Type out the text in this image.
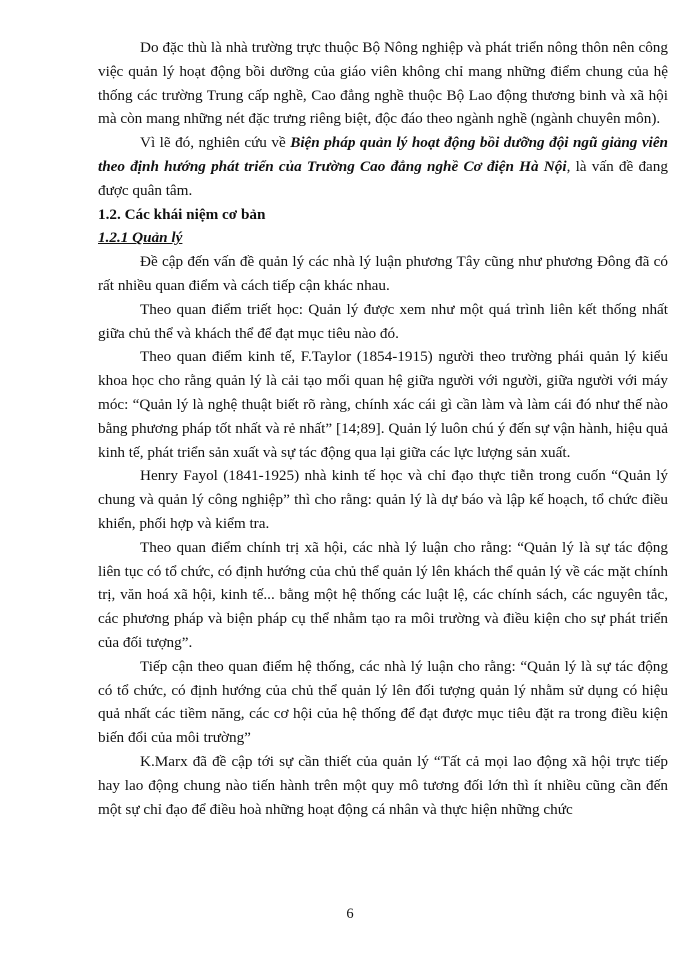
Do đặc thù là nhà trường trực thuộc Bộ Nông nghiệp và phát triển nông thôn nên công việc quản lý hoạt động bồi dưỡng của giáo viên không chỉ mang những điểm chung của hệ thống các trường Trung cấp nghề, Cao đẳng nghề thuộc Bộ Lao động thương binh và xã hội mà còn mang những nét đặc trưng riêng biệt, độc đáo theo ngành nghề (ngành chuyên môn).

Vì lẽ đó, nghiên cứu về Biện pháp quản lý hoạt động bồi dưỡng đội ngũ giảng viên theo định hướng phát triển của Trường Cao đẳng nghề Cơ điện Hà Nội, là vấn đề đang được quân tâm.

1.2. Các khái niệm cơ bản

1.2.1 Quản lý

Đề cập đến vấn đề quản lý các nhà lý luận phương Tây cũng như phương Đông đã có rất nhiều quan điểm và cách tiếp cận khác nhau.

Theo quan điểm triết học: Quản lý được xem như một quá trình liên kết thống nhất giữa chủ thể và khách thể để đạt mục tiêu nào đó.

Theo quan điểm kinh tế, F.Taylor (1854-1915) người theo trường phái quản lý kiểu khoa học cho rằng quản lý là cải tạo mối quan hệ giữa người với người, giữa người với máy móc: “Quản lý là nghệ thuật biết rõ ràng, chính xác cái gì cần làm và làm cái đó như thế nào bằng phương pháp tốt nhất và rẻ nhất” [14;89]. Quản lý luôn chú ý đến sự vận hành, hiệu quả kinh tế, phát triển sản xuất và sự tác động qua lại giữa các lực lượng sản xuất.

Henry Fayol (1841-1925) nhà kinh tế học và chỉ đạo thực tiễn trong cuốn “Quản lý chung và quản lý công nghiệp” thì cho rằng: quản lý là dự báo và lập kế hoạch, tổ chức điều khiển, phối hợp và kiểm tra.

Theo quan điểm chính trị xã hội, các nhà lý luận cho rằng: “Quản lý là sự tác động liên tục có tổ chức, có định hướng của chủ thể quản lý lên khách thể quản lý về các mặt chính trị, văn hoá xã hội, kinh tế... bằng một hệ thống các luật lệ, các chính sách, các nguyên tắc, các phương pháp và biện pháp cụ thể nhằm tạo ra môi trường và điều kiện cho sự phát triển của đối tượng”.

Tiếp cận theo quan điểm hệ thống, các nhà lý luận cho rằng: “Quản lý là sự tác động có tổ chức, có định hướng của chủ thể quản lý lên đối tượng quản lý nhằm sử dụng có hiệu quả nhất các tiềm năng, các cơ hội của hệ thống để đạt được mục tiêu đặt ra trong điều kiện biến đổi của môi trường”

K.Marx đã đề cập tới sự cần thiết của quản lý “Tất cả mọi lao động xã hội trực tiếp hay lao động chung nào tiến hành trên một quy mô tương đối lớn thì ít nhiều cũng cần đến một sự chỉ đạo để điều hoà những hoạt động cá nhân và thực hiện những chức

6
